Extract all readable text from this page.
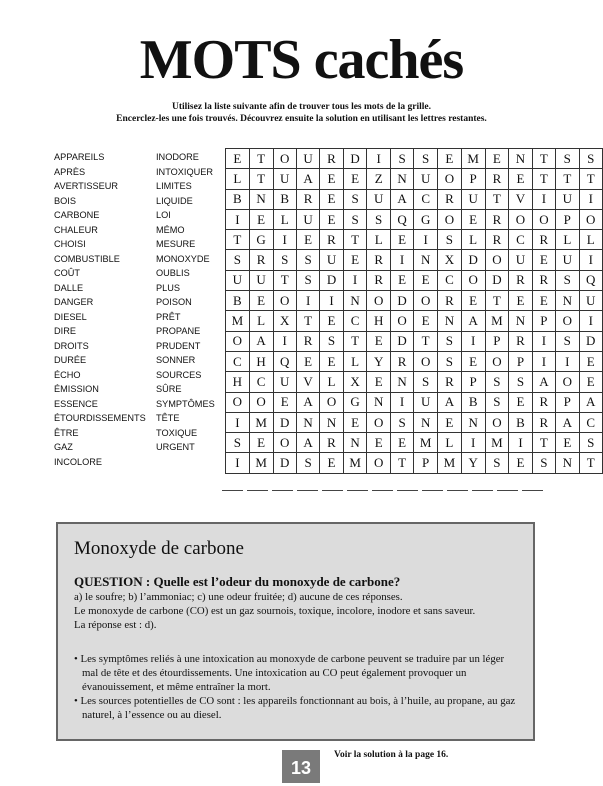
MOTS cachés
Utilisez la liste suivante afin de trouver tous les mots de la grille.
Encerclez-les une fois trouvés. Découvrez ensuite la solution en utilisant les lettres restantes.
APPAREILS
APRÈS
AVERTISSEUR
BOIS
CARBONE
CHALEUR
CHOISI
COMBUSTIBLE
COÛT
DALLE
DANGER
DIESEL
DIRE
DROITS
DURÉE
ÉCHO
ÉMISSION
ESSENCE
ÉTOURDISSEMENTS
ÊTRE
GAZ
INCOLORE
INODORE
INTOXIQUER
LIMITES
LIQUIDE
LOI
MÉMO
MESURE
MONOXYDE
OUBLIS
PLUS
POISON
PRÊT
PROPANE
PRUDENT
SONNER
SOURCES
SÛRE
SYMPTÔMES
TÊTE
TOXIQUE
URGENT
E	T	O	U	R	D	I	S	S	E	M	E	N	T	S	S
L	T	U	A	E	E	Z	N	U	O	P	R	E	T	T	T
B	N	B	R	E	S	U	A	C	R	U	T	V	I	U	I
I	E	L	U	E	S	S	Q	G	O	E	R	O	O	P	O
T	G	I	E	R	T	L	E	I	S	L	R	C	R	L	L
S	R	S	S	U	E	R	I	N	X	D	O	U	E	U	I
U	U	T	S	D	I	R	E	E	C	O	D	R	R	S	Q
B	E	O	I	I	N	O	D	O	R	E	T	E	E	N	U
M	L	X	T	E	C	H	O	E	N	A	M	N	P	O	I
O	A	I	R	S	T	E	D	T	S	I	P	R	I	S	D
C	H	Q	E	E	L	Y	R	O	S	E	O	P	I	I	E
H	C	U	V	L	X	E	N	S	R	P	S	S	A	O	E
O	O	E	A	O	G	N	I	U	A	B	S	E	R	P	A
I	M	D	N	N	E	O	S	N	E	N	O	B	R	A	C
S	E	O	A	R	N	E	E	M	L	I	M	I	T	E	S
I	M	D	S	E	M	O	T	P	M	Y	S	E	S	N	T
Monoxyde de carbone
QUESTION : Quelle est l’odeur du monoxyde de carbone?

a) le soufre; b) l’ammoniac; c) une odeur fruitée; d) aucune de ces réponses.
Le monoxyde de carbone (CO) est un gaz sournois, toxique, incolore, inodore et sans saveur.
La réponse est : d).

• Les symptômes reliés à une intoxication au monoxyde de carbone peuvent se traduire par un léger mal de tête et des étourdissements. Une intoxication au CO peut également provoquer un évanouissement, et même entraîner la mort.
• Les sources potentielles de CO sont : les appareils fonctionnant au bois, à l’huile, au propane, au gaz naturel, à l’essence ou au diesel.

13
Voir la solution à la page 16.
